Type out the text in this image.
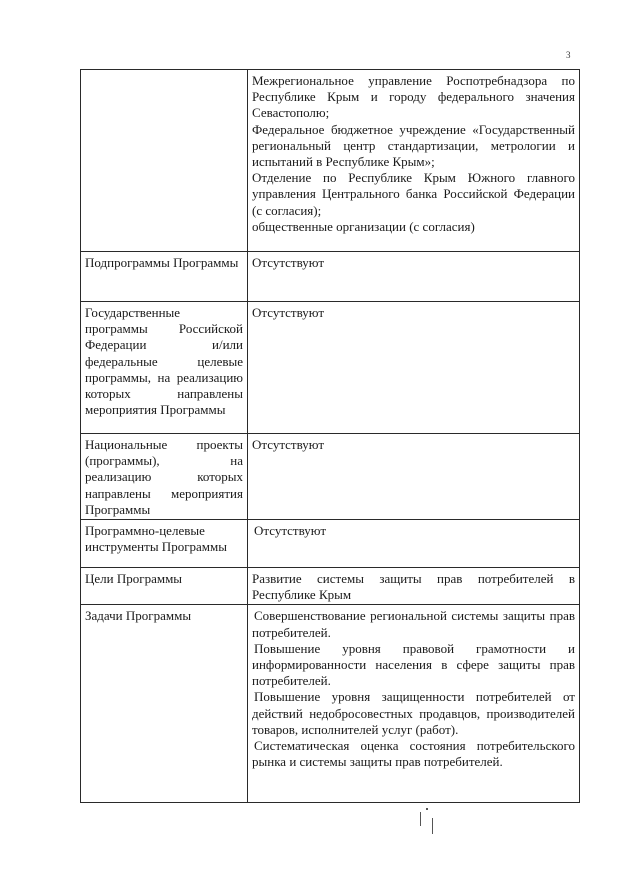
3

	Межрегиональное управление Роспотребнадзора по Республике Крым и городу федерального значения Севастополю;

Федеральное бюджетное учреждение «Государственный региональный центр стандартизации, метрологии и испытаний в Республике Крым»;

Отделение по Республике Крым Южного главного управления Центрального банка Российской Федерации (с согласия);

общественные организации (с согласия)

Подпрограммы Программы	Отсутствуют

Государственные программы Российской Федерации и/или федеральные целевые программы, на реализацию которых направлены мероприятия Программы	Отсутствуют

Национальные проекты (программы), на реализацию которых направлены мероприятия Программы	Отсутствуют

Программно-целевые инструменты Программы	Отсутствуют

Цели Программы	Развитие системы защиты прав потребителей в Республике Крым

Задачи Программы	Совершенствование региональной системы защиты прав потребителей.

Повышение уровня правовой грамотности и информированности населения в сфере защиты прав потребителей.

Повышение уровня защищенности потребителей от действий недобросовестных продавцов, производителей товаров, исполнителей услуг (работ).

Систематическая оценка состояния потребительского рынка и системы защиты прав потребителей.
